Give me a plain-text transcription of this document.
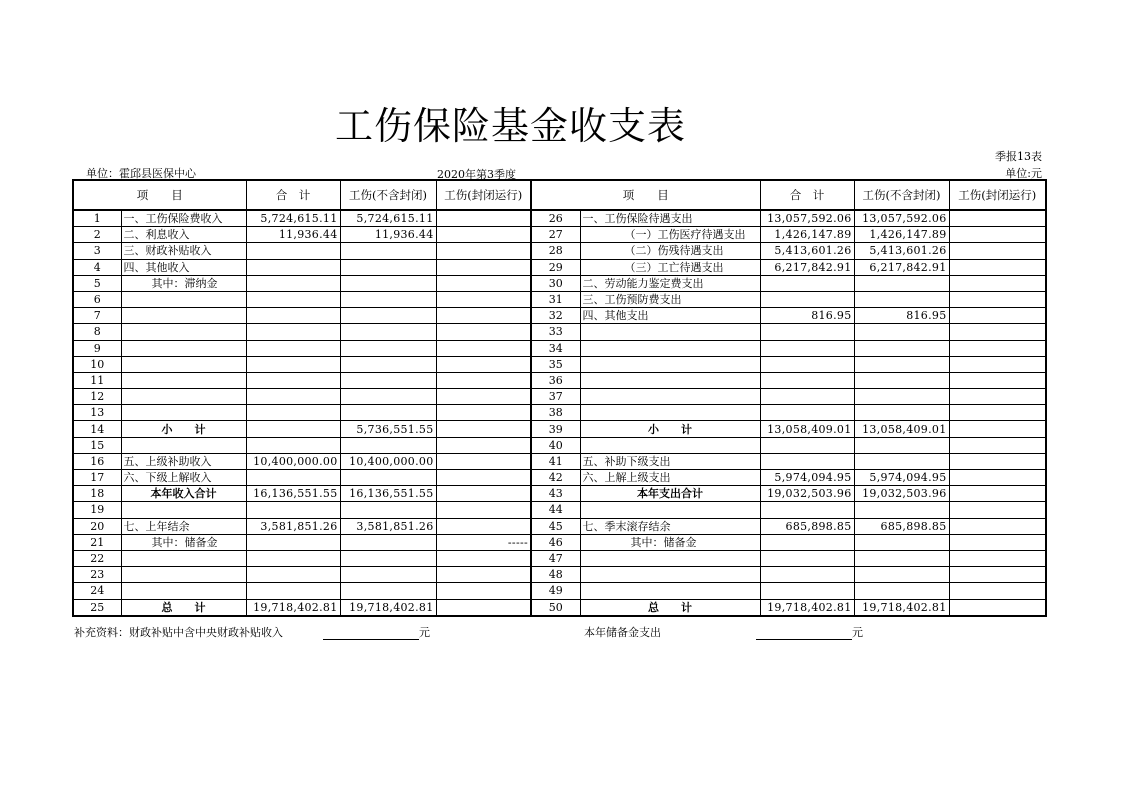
工伤保险基金收支表
季报13表
单位：霍邱县医保中心	2020年第3季度	单位:元
项　　目		合　计	工伤(不含封闭)	工伤(封闭运行)	项　　目		合　计	工伤(不含封闭)	工伤(封闭运行)
1	一、工伤保险费收入	5,724,615.11	5,724,615.11		26	一、工伤保险待遇支出	13,057,592.06	13,057,592.06	
2	二、利息收入	11,936.44	11,936.44		27	（一）工伤医疗待遇支出	1,426,147.89	1,426,147.89	
3	三、财政补贴收入				28	（二）伤残待遇支出	5,413,601.26	5,413,601.26	
4	四、其他收入				29	（三）工亡待遇支出	6,217,842.91	6,217,842.91	
5	其中：滞纳金				30	二、劳动能力鉴定费支出			
6					31	三、工伤预防费支出			
7					32	四、其他支出	816.95	816.95	
8					33				
9					34				
10					35				
11					36				
12					37				
13					38				
14	小　　计		5,736,551.55		39	小　　计	13,058,409.01	13,058,409.01	
15					40				
16	五、上级补助收入	10,400,000.00	10,400,000.00		41	五、补助下级支出			
17	六、下级上解收入				42	六、上解上级支出	5,974,094.95	5,974,094.95	
18	本年收入合计	16,136,551.55	16,136,551.55		43	本年支出合计	19,032,503.96	19,032,503.96	
19					44				
20	七、上年结余	3,581,851.26	3,581,851.26		45	七、季末滚存结余	685,898.85	685,898.85	
21	其中：储备金			-----	46	其中：储备金			
22					47				
23					48				
24					49				
25	总　　计	19,718,402.81	19,718,402.81		50	总　　计	19,718,402.81	19,718,402.81	
补充资料：财政补贴中含中央财政补贴收入	元	本年储备金支出	元
